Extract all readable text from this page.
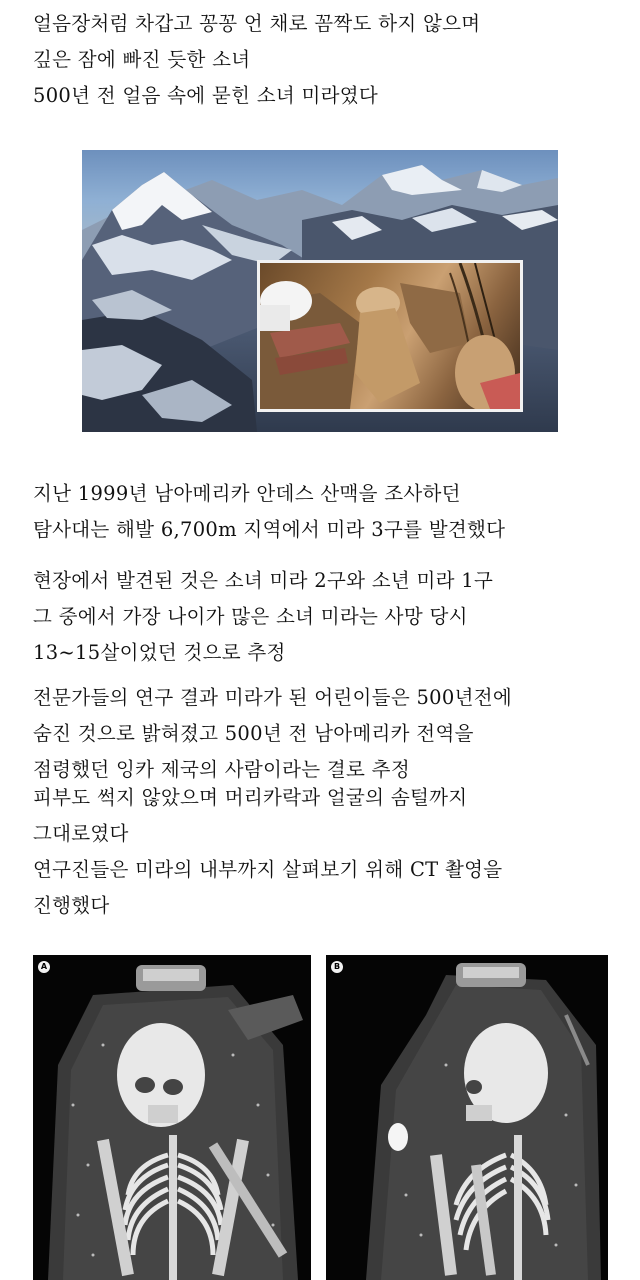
얼음장처럼 차갑고 꽁꽁 언 채로 꼼짝도 하지 않으며
깊은 잠에 빠진 듯한 소녀
500년 전 얼음 속에 묻힌 소녀 미라였다
지난 1999년 남아메리카 안데스 산맥을 조사하던
탐사대는 해발 6,700m 지역에서 미라 3구를 발견했다
현장에서 발견된 것은 소녀 미라 2구와 소년 미라 1구
그 중에서 가장 나이가 많은 소녀 미라는 사망 당시
13~15살이었던 것으로 추정
전문가들의 연구 결과 미라가 된 어린이들은 500년전에
숨진 것으로 밝혀졌고 500년 전 남아메리카 전역을
점령했던 잉카 제국의 사람이라는 결로 추정
피부도 썩지 않았으며 머리카락과 얼굴의 솜털까지
그대로였다
연구진들은 미라의 내부까지 살펴보기 위해 CT 촬영을
진행했다
A	B
